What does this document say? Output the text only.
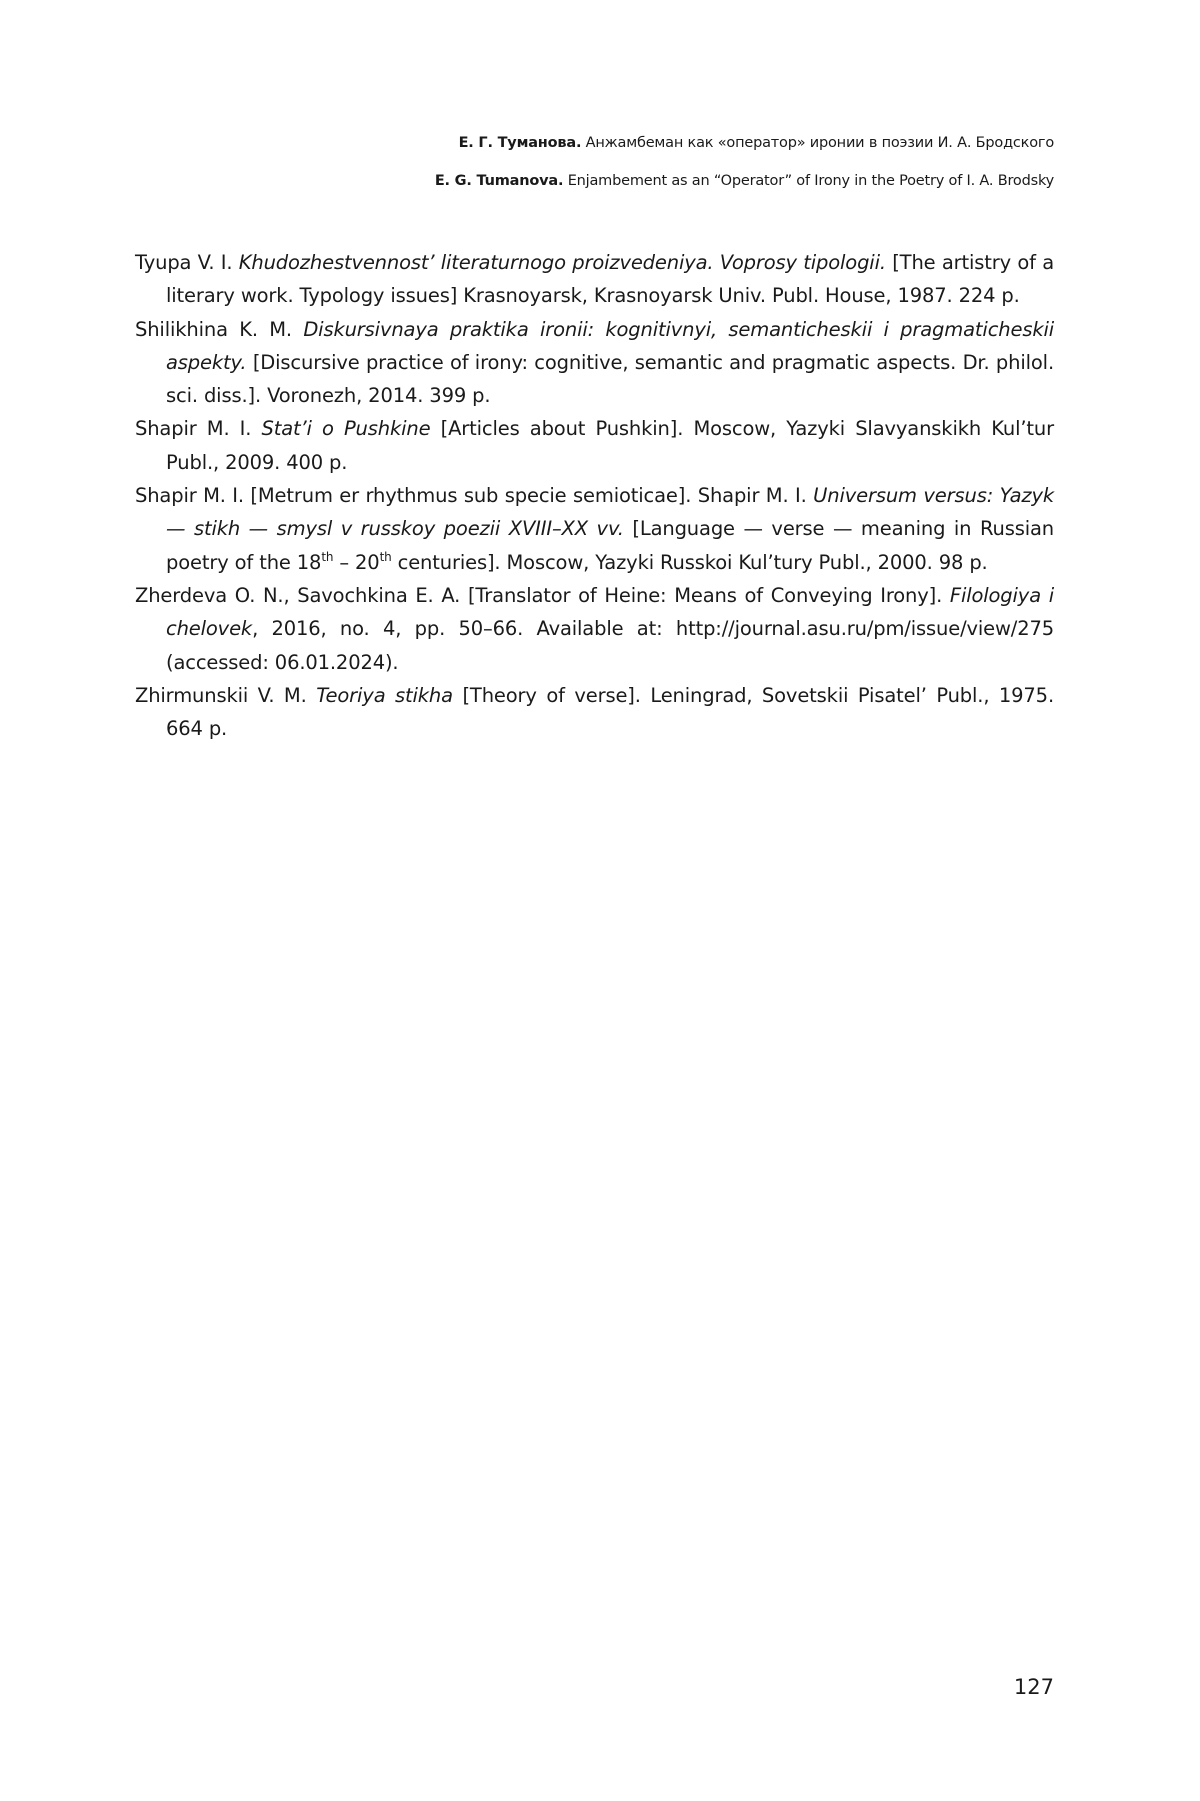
Е. Г. Туманова. Анжамбеман как «оператор» иронии в поэзии И. А. Бродского
E. G. Tumanova. Enjambement as an “Operator” of Irony in the Poetry of I. A. Brodsky

Tyupa V. I. Khudozhestvennost’ literaturnogo proizvedeniya. Voprosy tipologii. [The artistry of a literary work. Typology issues] Krasnoyarsk, Krasnoyarsk Univ. Publ. House, 1987. 224 p.

Shilikhina K. M. Diskursivnaya praktika ironii: kognitivnyi, semanticheskii i pragmaticheskii aspekty. [Discursive practice of irony: cognitive, semantic and pragmatic aspects. Dr. philol. sci. diss.]. Voronezh, 2014. 399 p.

Shapir M. I. Stat’i o Pushkine [Articles about Pushkin]. Moscow, Yazyki Slavyanskikh Kul’tur Publ., 2009. 400 p.

Shapir M. I. [Metrum er rhythmus sub specie semioticae]. Shapir M. I. Universum versus: Yazyk — stikh — smysl v russkoy poezii XVIII–XX vv. [Language — verse — meaning in Russian poetry of the 18th – 20th centuries]. Moscow, Yazyki Russkoi Kul’tury Publ., 2000. 98 p.

Zherdeva O. N., Savochkina E. A. [Translator of Heine: Means of Conveying Irony]. Filologiya i chelovek, 2016, no. 4, pp. 50–66. Available at: http://journal.asu.ru/pm/issue/view/275 (accessed: 06.01.2024).

Zhirmunskii V. M. Teoriya stikha [Theory of verse]. Leningrad, Sovetskii Pisatel’ Publ., 1975. 664 p.

127
